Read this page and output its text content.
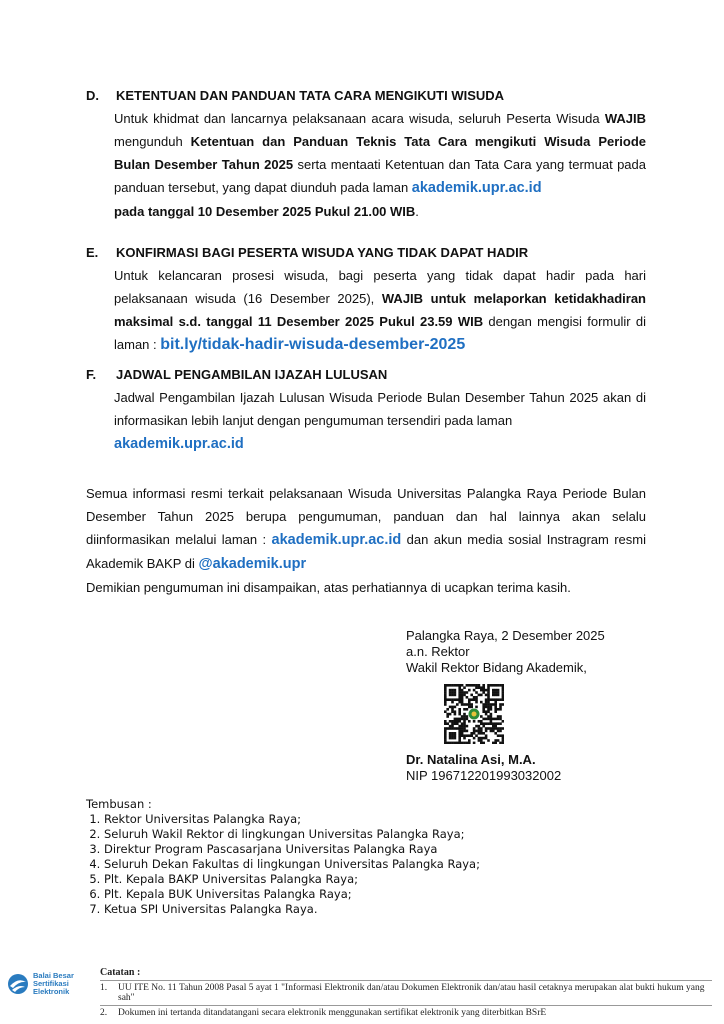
D.	KETENTUAN DAN PANDUAN TATA CARA MENGIKUTI WISUDA
Untuk khidmat dan lancarnya pelaksanaan acara wisuda, seluruh Peserta Wisuda WAJIB mengunduh Ketentuan dan Panduan Teknis Tata Cara mengikuti Wisuda Periode Bulan Desember Tahun 2025 serta mentaati Ketentuan dan Tata Cara yang termuat pada panduan tersebut, yang dapat diunduh pada laman akademik.upr.ac.id
pada tanggal 10 Desember 2025 Pukul 21.00 WIB.
E.	KONFIRMASI BAGI PESERTA WISUDA YANG TIDAK DAPAT HADIR
Untuk kelancaran prosesi wisuda, bagi peserta yang tidak dapat hadir pada hari pelaksanaan wisuda (16 Desember 2025), WAJIB untuk melaporkan ketidakhadiran maksimal s.d. tanggal 11 Desember 2025 Pukul 23.59 WIB dengan mengisi formulir di laman : bit.ly/tidak-hadir-wisuda-desember-2025
F.	JADWAL PENGAMBILAN IJAZAH LULUSAN
Jadwal Pengambilan Ijazah Lulusan Wisuda Periode Bulan Desember Tahun 2025 akan di informasikan lebih lanjut dengan pengumuman tersendiri pada laman
akademik.upr.ac.id
Semua informasi resmi terkait pelaksanaan Wisuda Universitas Palangka Raya Periode Bulan Desember Tahun 2025 berupa pengumuman, panduan dan hal lainnya akan selalu diinformasikan melalui laman : akademik.upr.ac.id dan akun media sosial Instragram resmi Akademik BAKP di @akademik.upr
Demikian pengumuman ini disampaikan, atas perhatiannya di ucapkan terima kasih.
Palangka Raya, 2 Desember 2025
a.n. Rektor
Wakil Rektor Bidang Akademik,
Dr. Natalina Asi, M.A.
NIP 196712201993032002
Tembusan :
1. Rektor Universitas Palangka Raya;
2. Seluruh Wakil Rektor di lingkungan Universitas Palangka Raya;
3. Direktur Program Pascasarjana Universitas Palangka Raya
4. Seluruh Dekan Fakultas di lingkungan Universitas Palangka Raya;
5. Plt. Kepala BAKP Universitas Palangka Raya;
6. Plt. Kepala BUK Universitas Palangka Raya;
7. Ketua SPI Universitas Palangka Raya.
Balai Besar
Sertifikasi
Elektronik
Catatan :
1.	UU ITE No. 11 Tahun 2008 Pasal 5 ayat 1 "Informasi Elektronik dan/atau Dokumen Elektronik dan/atau hasil cetaknya merupakan alat bukti hukum yang sah"
2.	Dokumen ini tertanda ditandatangani secara elektronik menggunakan sertifikat elektronik yang diterbitkan BSrE
